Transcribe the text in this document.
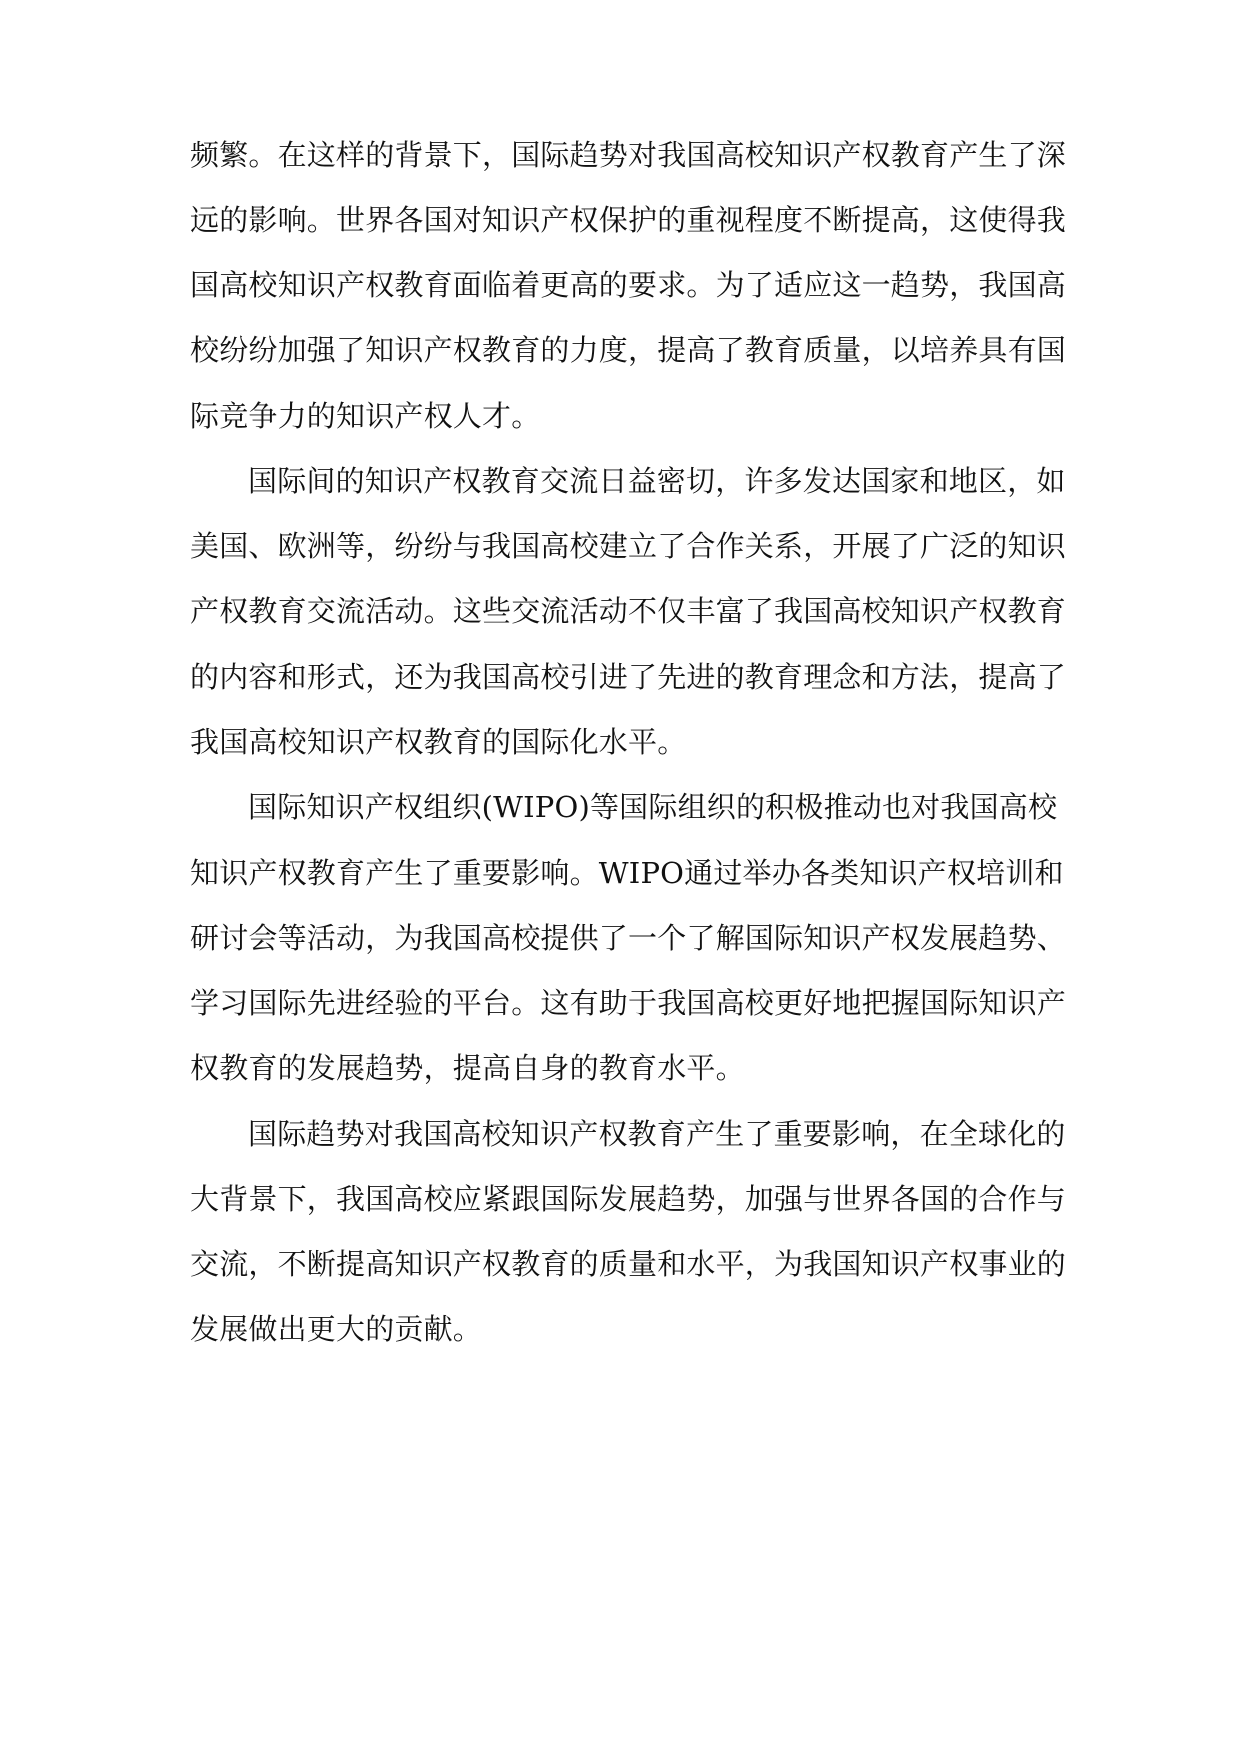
频繁。在这样的背景下，国际趋势对我国高校知识产权教育产生了深
远的影响。世界各国对知识产权保护的重视程度不断提高，这使得我
国高校知识产权教育面临着更高的要求。为了适应这一趋势，我国高
校纷纷加强了知识产权教育的力度，提高了教育质量，以培养具有国
际竞争力的知识产权人才。
国际间的知识产权教育交流日益密切，许多发达国家和地区，如
美国、欧洲等，纷纷与我国高校建立了合作关系，开展了广泛的知识
产权教育交流活动。这些交流活动不仅丰富了我国高校知识产权教育
的内容和形式，还为我国高校引进了先进的教育理念和方法，提高了
我国高校知识产权教育的国际化水平。
国际知识产权组织(WIPO)等国际组织的积极推动也对我国高校
知识产权教育产生了重要影响。WIPO通过举办各类知识产权培训和
研讨会等活动，为我国高校提供了一个了解国际知识产权发展趋势、
学习国际先进经验的平台。这有助于我国高校更好地把握国际知识产
权教育的发展趋势，提高自身的教育水平。
国际趋势对我国高校知识产权教育产生了重要影响，在全球化的
大背景下，我国高校应紧跟国际发展趋势，加强与世界各国的合作与
交流，不断提高知识产权教育的质量和水平，为我国知识产权事业的
发展做出更大的贡献。
